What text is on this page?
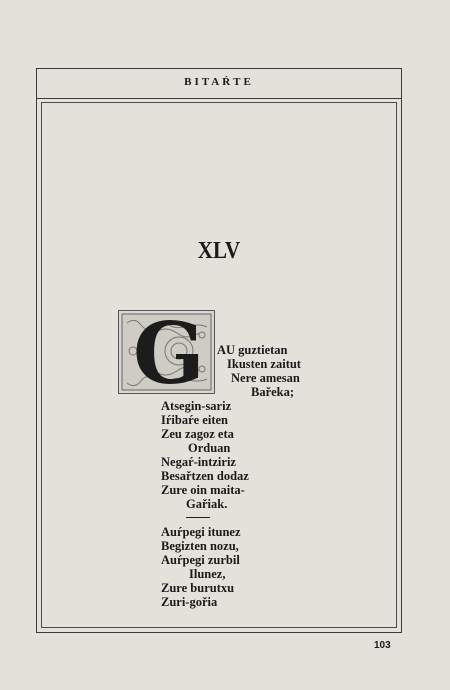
BITAŔTE
XLV
G AU guztietan
Ikusten zaitut
Nere amesan
Bařeka;
Atsegin-sariz
Iŕibaŕe eiten
Zeu zagoz eta
Orduan
Negaŕ-intziriz
Besařtzen dodaz
Zure oin maita-
Gařiak.
Auŕpegi itunez
Begizten nozu,
Auŕpegi zurbil
Ilunez,
Zure burutxu
Zuri-gořia
103
